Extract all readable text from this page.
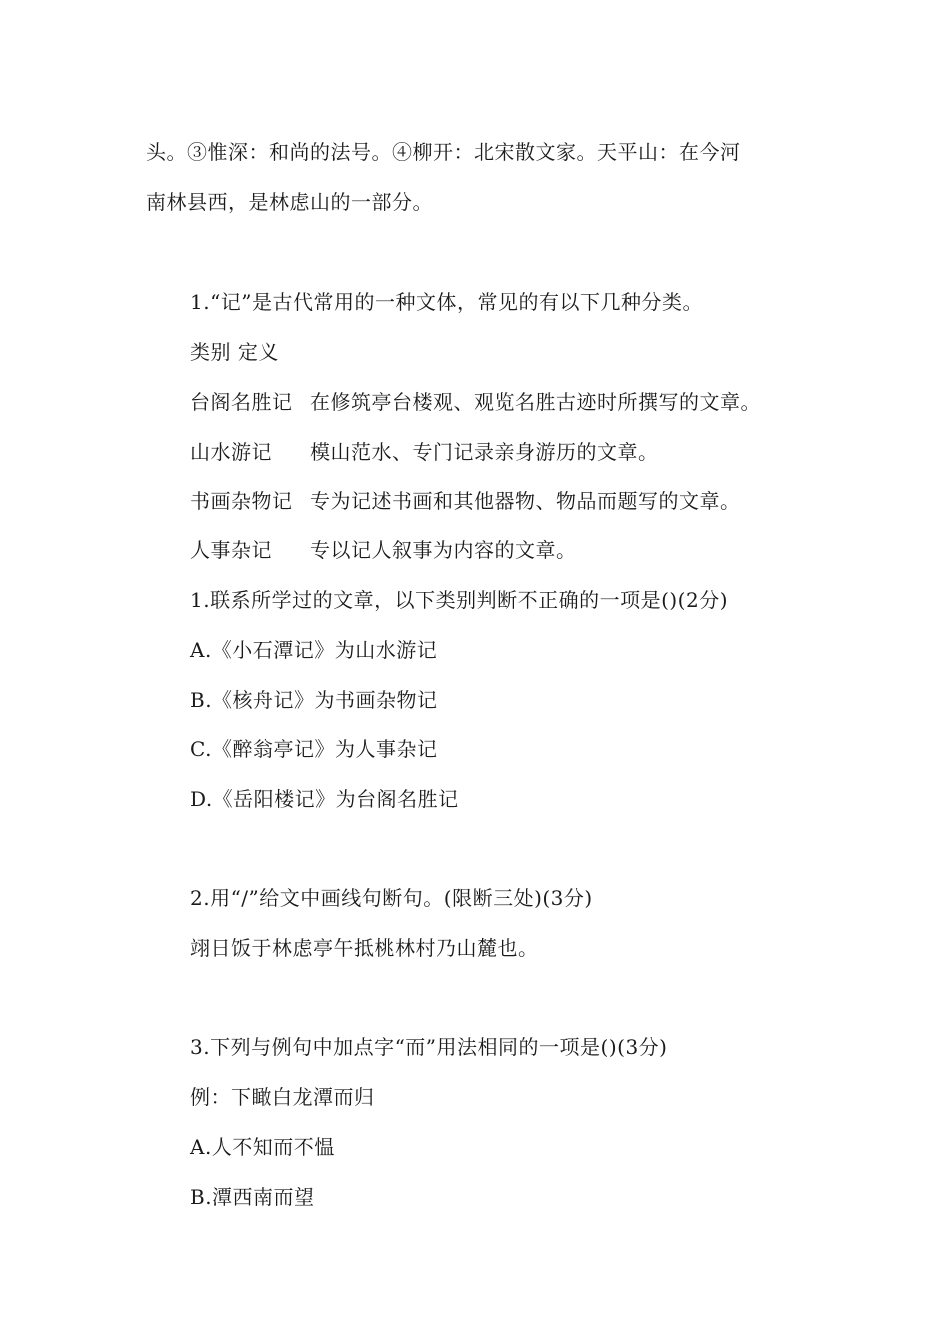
头。③惟深：和尚的法号。④柳开：北宋散文家。天平山：在今河
南林县西，是林虑山的一部分。
1.“记”是古代常用的一种文体，常见的有以下几种分类。
类别 定义
台阁名胜记 在修筑亭台楼观、观览名胜古迹时所撰写的文章。
山水游记 模山范水、专门记录亲身游历的文章。
书画杂物记 专为记述书画和其他器物、物品而题写的文章。
人事杂记 专以记人叙事为内容的文章。
1.联系所学过的文章，以下类别判断不正确的一项是()(2分)
A.《小石潭记》为山水游记
B.《核舟记》为书画杂物记
C.《醉翁亭记》为人事杂记
D.《岳阳楼记》为台阁名胜记
2.用“/”给文中画线句断句。(限断三处)(3分)
翊日饭于林虑亭午抵桃林村乃山麓也。
3.下列与例句中加点字“而”用法相同的一项是()(3分)
例：下瞰白龙潭而归
A.人不知而不愠
B.潭西南而望
